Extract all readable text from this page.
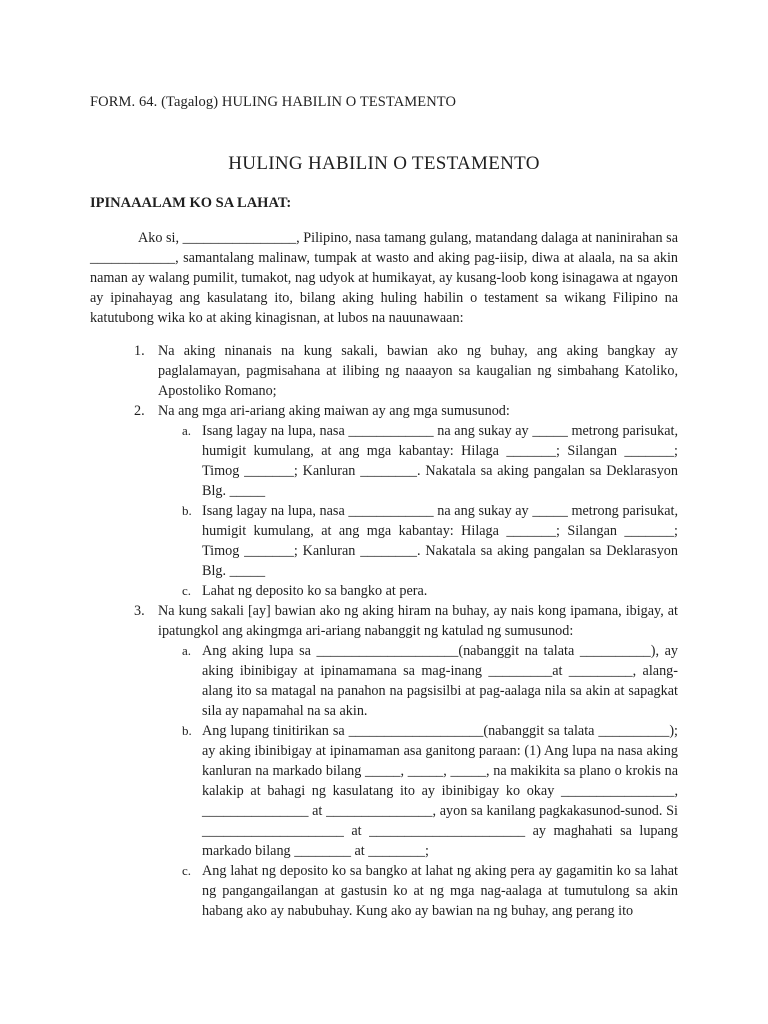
FORM. 64. (Tagalog) HULING HABILIN O TESTAMENTO
HULING HABILIN O TESTAMENTO
IPINAAALAM KO SA LAHAT:

Ako si, ________________, Pilipino, nasa tamang gulang, matandang dalaga at naninirahan sa ____________, samantalang malinaw, tumpak at wasto and aking pag-iisip, diwa at alaala, na sa akin naman ay walang pumilit, tumakot, nag udyok at humikayat, ay kusang-loob kong isinagawa at ngayon ay ipinahayag ang kasulatang ito, bilang aking huling habilin o testament sa wikang Filipino na katutubong wika ko at aking kinagisnan, at lubos na nauunawaan:

1. Na aking ninanais na kung sakali, bawian ako ng buhay, ang aking bangkay ay paglalamayan, pagmisahana at ilibing ng naaayon sa kaugalian ng simbahang Katoliko, Apostoliko Romano;
2. Na ang mga ari-ariang aking maiwan ay ang mga sumusunod:
a. Isang lagay na lupa, nasa ____________ na ang sukay ay _____ metrong parisukat, humigit kumulang, at ang mga kabantay: Hilaga _______; Silangan _______; Timog _______; Kanluran ________. Nakatala sa aking pangalan sa Deklarasyon Blg. _____
b. Isang lagay na lupa, nasa ____________ na ang sukay ay _____ metrong parisukat, humigit kumulang, at ang mga kabantay: Hilaga _______; Silangan _______; Timog _______; Kanluran ________. Nakatala sa aking pangalan sa Deklarasyon Blg. _____
c. Lahat ng deposito ko sa bangko at pera.
3. Na kung sakali [ay] bawian ako ng aking hiram na buhay, ay nais kong ipamana, ibigay, at ipatungkol ang akingmga ari-ariang nabanggit ng katulad ng sumusunod:
a. Ang aking lupa sa ____________________(nabanggit na talata __________), ay aking ibinibigay at ipinamamana sa mag-inang _________at _________, alang-alang ito sa matagal na panahon na pagsisilbi at pag-aalaga nila sa akin at sapagkat sila ay napamahal na sa akin.
b. Ang lupang tinitirikan sa ___________________(nabanggit sa talata __________); ay aking ibinibigay at ipinamaman asa ganitong paraan: (1) Ang lupa na nasa aking kanluran na markado bilang _____, _____, _____, na makikita sa plano o krokis na kalakip at bahagi ng kasulatang ito ay ibinibigay ko okay ________________, _______________ at _______________, ayon sa kanilang pagkakasunod-sunod. Si ____________________ at ______________________ ay maghahati sa lupang markado bilang ________ at ________;
c. Ang lahat ng deposito ko sa bangko at lahat ng aking pera ay gagamitin ko sa lahat ng pangangailangan at gastusin ko at ng mga nag-aalaga at tumutulong sa akin habang ako ay nabubuhay. Kung ako ay bawian na ng buhay, ang perang ito
